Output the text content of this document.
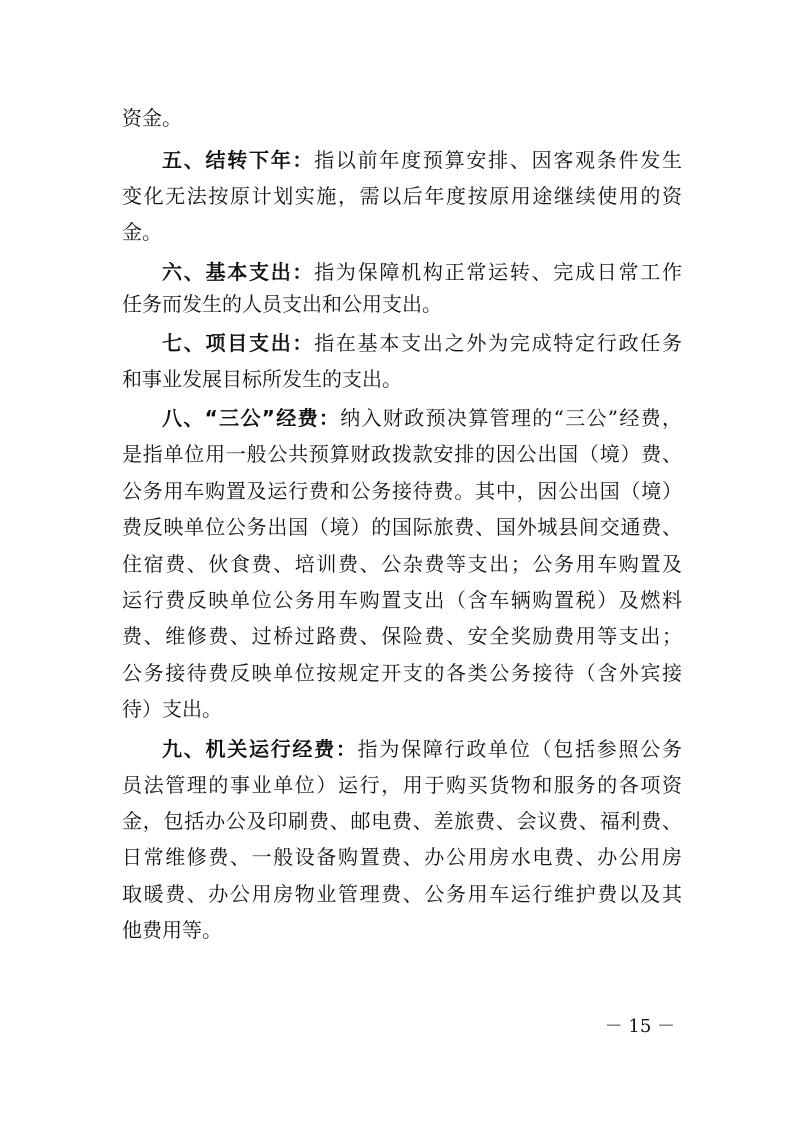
资金。
五、结转下年：指以前年度预算安排、因客观条件发生
变化无法按原计划实施，需以后年度按原用途继续使用的资
金。
六、基本支出：指为保障机构正常运转、完成日常工作
任务而发生的人员支出和公用支出。
七、项目支出：指在基本支出之外为完成特定行政任务
和事业发展目标所发生的支出。
八、“三公”经费：纳入财政预决算管理的“三公”经费，
是指单位用一般公共预算财政拨款安排的因公出国（境）费、
公务用车购置及运行费和公务接待费。其中，因公出国（境）
费反映单位公务出国（境）的国际旅费、国外城县间交通费、
住宿费、伙食费、培训费、公杂费等支出；公务用车购置及
运行费反映单位公务用车购置支出（含车辆购置税）及燃料
费、维修费、过桥过路费、保险费、安全奖励费用等支出；
公务接待费反映单位按规定开支的各类公务接待（含外宾接
待）支出。
九、机关运行经费：指为保障行政单位（包括参照公务
员法管理的事业单位）运行，用于购买货物和服务的各项资
金，包括办公及印刷费、邮电费、差旅费、会议费、福利费、
日常维修费、一般设备购置费、办公用房水电费、办公用房
取暖费、办公用房物业管理费、公务用车运行维护费以及其
他费用等。
－ 15 －
